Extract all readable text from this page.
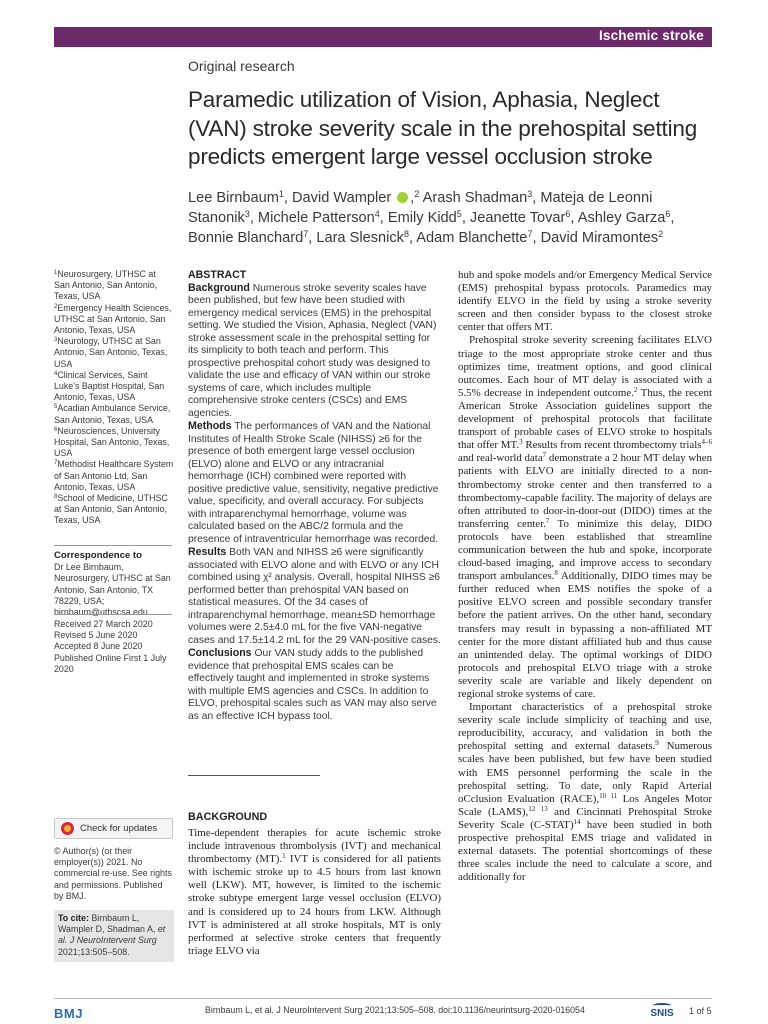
Ischemic stroke
Original research
Paramedic utilization of Vision, Aphasia, Neglect (VAN) stroke severity scale in the prehospital setting predicts emergent large vessel occlusion stroke
Lee Birnbaum$^1$, David Wampler ,$^2$ Arash Shadman$^3$, Mateja de Leonni Stanonik$^3$, Michele Patterson$^4$, Emily Kidd$^5$, Jeanette Tovar$^6$, Ashley Garza$^6$, Bonnie Blanchard$^7$, Lara Slesnick$^8$, Adam Blanchette$^7$, David Miramontes$^2$

$^1$Neurosurgery, UTHSC at San Antonio, San Antonio, Texas, USA

$^2$Emergency Health Sciences, UTHSC at San Antonio, San Antonio, Texas, USA

$^3$Neurology, UTHSC at San Antonio, San Antonio, Texas, USA

$^4$Clinical Services, Saint Luke's Baptist Hospital, San Antonio, Texas, USA

$^5$Acadian Ambulance Service, San Antonio, Texas, USA

$^6$Neurosciences, University Hospital, San Antonio, Texas, USA

$^7$Methodist Healthcare System of San Antonio Ltd, San Antonio, Texas, USA

$^8$School of Medicine, UTHSC at San Antonio, San Antonio, Texas, USA

Correspondence to
Dr Lee Birnbaum, Neurosurgery, UTHSC at San Antonio, San Antonio, TX 78229, USA; birnbaum@uthscsa.edu
Received 27 March 2020
Revised 5 June 2020
Accepted 8 June 2020
Published Online First 1 July 2020
Check for updates
© Author(s) (or their employer(s)) 2021. No commercial re-use. See rights and permissions. Published by BMJ.
To cite: Birnbaum L, Wampler D, Shadman A, et al. J NeuroIntervent Surg 2021;13:505–508.
ABSTRACT
Background Numerous stroke severity scales have been published, but few have been studied with emergency medical services (EMS) in the prehospital setting. We studied the Vision, Aphasia, Neglect (VAN) stroke assessment scale in the prehospital setting for its simplicity to both teach and perform. This prospective prehospital cohort study was designed to validate the use and efficacy of VAN within our stroke systems of care, which includes multiple comprehensive stroke centers (CSCs) and EMS agencies.
Methods The performances of VAN and the National Institutes of Health Stroke Scale (NIHSS) ≥6 for the presence of both emergent large vessel occlusion (ELVO) alone and ELVO or any intracranial hemorrhage (ICH) combined were reported with positive predictive value, sensitivity, negative predictive value, specificity, and overall accuracy. For subjects with intraparenchymal hemorrhage, volume was calculated based on the ABC/2 formula and the presence of intraventricular hemorrhage was recorded.
Results Both VAN and NIHSS ≥6 were significantly associated with ELVO alone and with ELVO or any ICH combined using χ² analysis. Overall, hospital NIHSS ≥6 performed better than prehospital VAN based on statistical measures. Of the 34 cases of intraparenchymal hemorrhage, mean±SD hemorrhage volumes were 2.5±4.0 mL for the five VAN-negative cases and 17.5±14.2 mL for the 29 VAN-positive cases.
Conclusions Our VAN study adds to the published evidence that prehospital EMS scales can be effectively taught and implemented in stroke systems with multiple EMS agencies and CSCs. In addition to ELVO, prehospital scales such as VAN may also serve as an effective ICH bypass tool.
BACKGROUND
Time-dependent therapies for acute ischemic stroke include intravenous thrombolysis (IVT) and mechanical thrombectomy (MT).$^1$ IVT is considered for all patients with ischemic stroke up to 4.5 hours from last known well (LKW). MT, however, is limited to the ischemic stroke subtype emergent large vessel occlusion (ELVO) and is considered up to 24 hours from LKW. Although IVT is administered at all stroke hospitals, MT is only performed at selective stroke centers that frequently triage ELVO via

hub and spoke models and/or Emergency Medical Service (EMS) prehospital bypass protocols. Paramedics may identify ELVO in the field by using a stroke severity screen and then consider bypass to the closest stroke center that offers MT.

Prehospital stroke severity screening facilitates ELVO triage to the most appropriate stroke center and thus optimizes time, treatment options, and good clinical outcomes. Each hour of MT delay is associated with a 5.5% decrease in independent outcome.$^2$ Thus, the recent American Stroke Association guidelines support the development of prehospital protocols that facilitate transport of probable cases of ELVO stroke to hospitals that offer MT.$^3$ Results from recent thrombectomy trials$^{4-6}$ and real-world data$^7$ demonstrate a 2 hour MT delay when patients with ELVO are initially directed to a non-thrombectomy stroke center and then transferred to a thrombectomy-capable facility. The majority of delays are often attributed to door-in-door-out (DIDO) times at the transferring center.$^7$ To minimize this delay, DIDO protocols have been established that streamline communication between the hub and spoke, incorporate cloud-based imaging, and improve access to secondary transport ambulances.$^8$ Additionally, DIDO times may be further reduced when EMS notifies the spoke of a positive ELVO screen and possible secondary transfer before the patient arrives. On the other hand, secondary transfers may result in bypassing a non-affiliated MT center for the more distant affiliated hub and thus cause an unintended delay. The optimal workings of DIDO protocols and prehospital ELVO triage with a stroke severity scale are variable and likely dependent on regional stroke systems of care.

Important characteristics of a prehospital stroke severity scale include simplicity of teaching and use, reproducibility, accuracy, and validation in both the prehospital setting and external datasets.$^9$ Numerous scales have been published, but few have been studied with EMS personnel performing the scale in the prehospital setting. To date, only Rapid Arterial oCclusion Evaluation (RACE),$^{10 11}$ Los Angeles Motor Scale (LAMS),$^{12 13}$ and Cincinnati Prehospital Stroke Severity Scale (C-STAT)$^{14}$ have been studied in both prospective prehospital EMS triage and validated in external datasets. The potential shortcomings of these three scales include the need to calculate a score, and additionally for

BMJ	Birnbaum L, et al. J NeuroIntervent Surg 2021;13:505–508. doi:10.1136/neurintsurg-2020-016054	SNIS	1 of 5
